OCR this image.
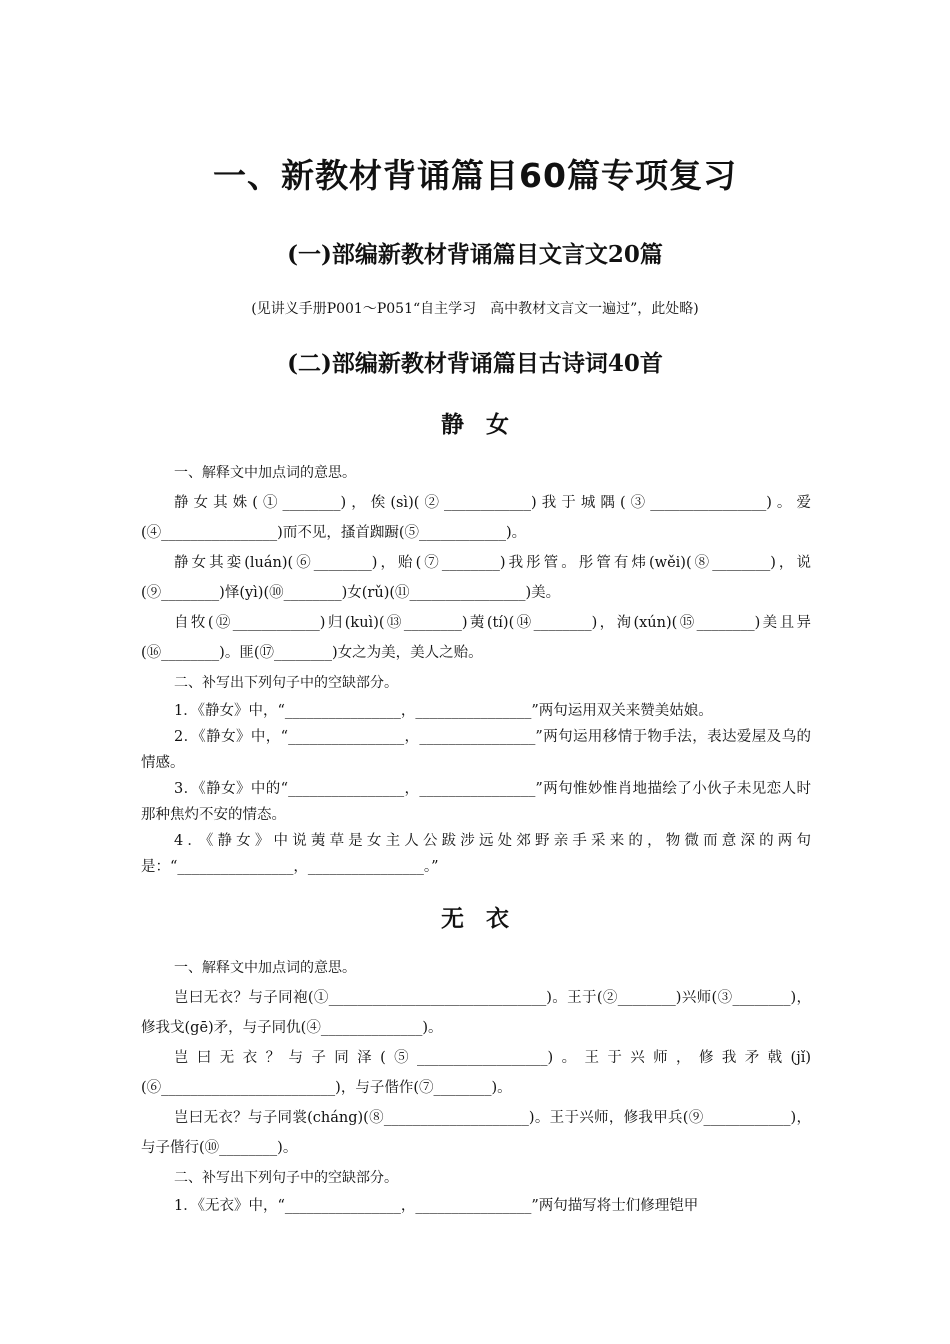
一、新教材背诵篇目60篇专项复习
(一)部编新教材背诵篇目文言文20篇
(见讲义手册P001～P051“自主学习　高中教材文言文一遍过”，此处略)
(二)部编新教材背诵篇目古诗词40首
静女
一、解释文中加点词的意思。
静女其姝(①________)，俟(sì)(②____________)我于城隅(③________________)。爱(④________________)而不见，搔首踟蹰(⑤____________)。
静女其娈(luán)(⑥________)，贻(⑦________)我彤管。彤管有炜(wěi)(⑧________)，说(⑨________)怿(yì)(⑩________)女(rǔ)(⑪________________)美。
自牧(⑫____________)归(kuì)(⑬________)荑(tí)(⑭________)，洵(xún)(⑮________)美且异(⑯________)。匪(⑰________)女之为美，美人之贻。
二、补写出下列句子中的空缺部分。
1．《静女》中，“________________，________________”两句运用双关来赞美姑娘。
2．《静女》中，“________________，________________”两句运用移情于物手法，表达爱屋及乌的情感。
3．《静女》中的“________________，________________”两句惟妙惟肖地描绘了小伙子未见恋人时那种焦灼不安的情态。
4．《静女》中说荑草是女主人公跋涉远处郊野亲手采来的，物微而意深的两句是：“________________，________________。”
无衣
一、解释文中加点词的意思。
岂曰无衣？与子同袍(①______________________________)。王于(②________)兴师(③________)，修我戈(gē)矛，与子同仇(④______________)。
岂曰无衣？与子同泽(⑤__________________)。王于兴师，修我矛戟(jǐ)(⑥________________________)，与子偕作(⑦________)。
岂曰无衣？与子同裳(cháng)(⑧____________________)。王于兴师，修我甲兵(⑨____________)，与子偕行(⑩________)。
二、补写出下列句子中的空缺部分。
1．《无衣》中，“________________，________________”两句描写将士们修理铠甲
